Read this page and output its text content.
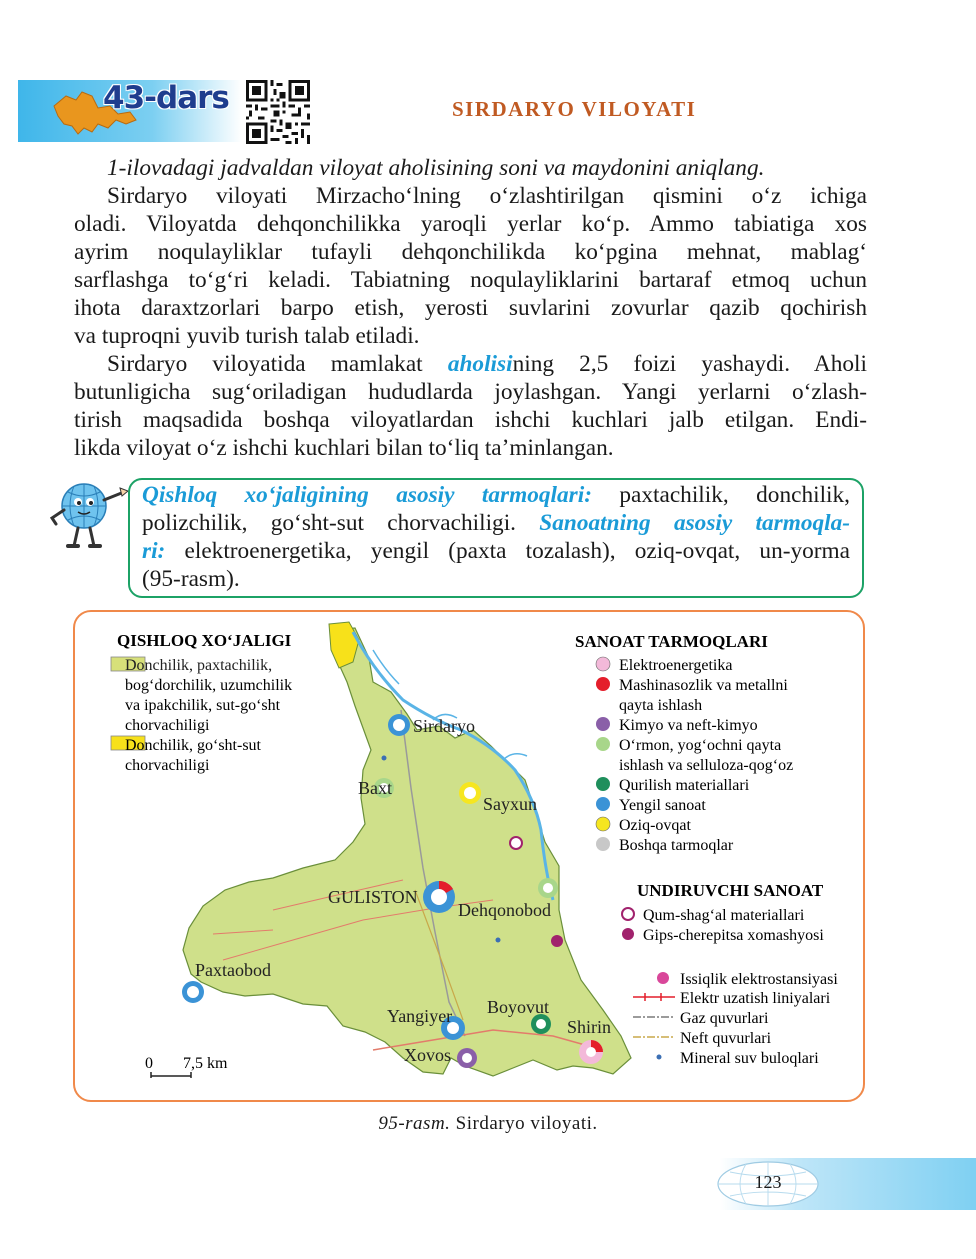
43-dars	SIRDARYO VILOYATI
1-ilovadagi jadvaldan viloyat aholisining soni va maydonini aniqlang.
Sirdaryo viloyati Mirzacho‘lning o‘zlashtirilgan qismini o‘z ichiga
oladi. Viloyatda dehqonchilikka yaroqli yerlar ko‘p. Ammo tabiatiga xos
ayrim noqulayliklar tufayli dehqonchilikda ko‘pgina mehnat, mablag‘
sarflashga to‘g‘ri keladi. Tabiatning noqulayliklarini bartaraf etmoq uchun
ihota daraxtzorlari barpo etish, yerosti suvlarini zovurlar qazib qochirish
va tuproqni yuvib turish talab etiladi.
Sirdaryo viloyatida mamlakat aholisining 2,5 foizi yashaydi. Aholi
butunligicha sug‘oriladigan hududlarda joylashgan. Yangi yerlarni o‘zlash-
tirish maqsadida boshqa viloyatlardan ishchi kuchlari jalb etilgan. Endi-
likda viloyat o‘z ishchi kuchlari bilan to‘liq ta’minlangan.
Qishloq xo‘jaligining asosiy tarmoqlari: paxtachilik, donchilik,
polizchilik, go‘sht-sut chorvachiligi. Sanoatning asosiy tarmoqla-
ri: elektroenergetika, yengil (paxta tozalash), oziq-ovqat, un-yorma
(95-rasm).
Sirdaryo
Baxt
Sayxun
GULISTON
Dehqonobod
Paxtaobod
Yangiyer Boyovut
Shirin
Xovos
0 7,5 km
QISHLOQ XO‘JALIGI
Donchilik, paxtachilik,
bog‘dorchilik, uzumchilik
va ipakchilik, sut-go‘sht
chorvachiligi
Donchilik, go‘sht-sut
chorvachiligi
SANOAT TARMOQLARI
Elektroenergetika
Mashinasozlik va metallni
qayta ishlash
Kimyo va neft-kimyo
O‘rmon, yog‘ochni qayta
ishlash va selluloza-qog‘oz
Qurilish materiallari
Yengil sanoat
Oziq-ovqat
Boshqa tarmoqlar
UNDIRUVCHI SANOAT
Qum-shag‘al materiallari
Gips-cherepitsa xomashyosi
Issiqlik elektrostansiyasi
Elektr uzatish liniyalari
Gaz quvurlari
Neft quvurlari
Mineral suv buloqlari
95-rasm. Sirdaryo viloyati.
123
